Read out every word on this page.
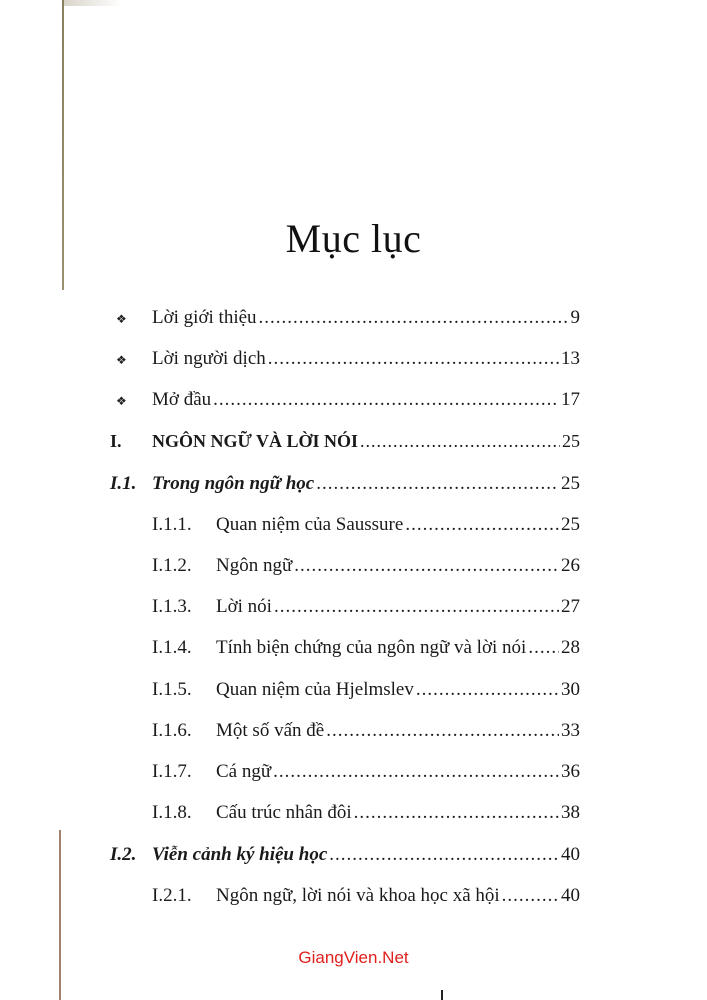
Mục lục
❖	Lời giới thiệu .....	9
❖	Lời người dịch .....	13
❖	Mở đầu .....	17
I.	NGÔN NGỮ VÀ LỜI NÓI .....	25
I.1. Trong ngôn ngữ học .....	25
I.1.1.	Quan niệm của Saussure .....	25
I.1.2.	Ngôn ngữ .....	26
I.1.3.	Lời nói .....	27
I.1.4.	Tính biện chứng của ngôn ngữ và lời nói ..... 28
I.1.5.	Quan niệm của Hjelmslev .....	30
I.1.6.	Một số vấn đề .....	33
I.1.7.	Cá ngữ .....	36
I.1.8.	Cấu trúc nhân đôi .....	38
I.2. Viễn cảnh ký hiệu học .....	40
I.2.1.	Ngôn ngữ, lời nói và khoa học xã hội .....	40
GiangVien.Net
